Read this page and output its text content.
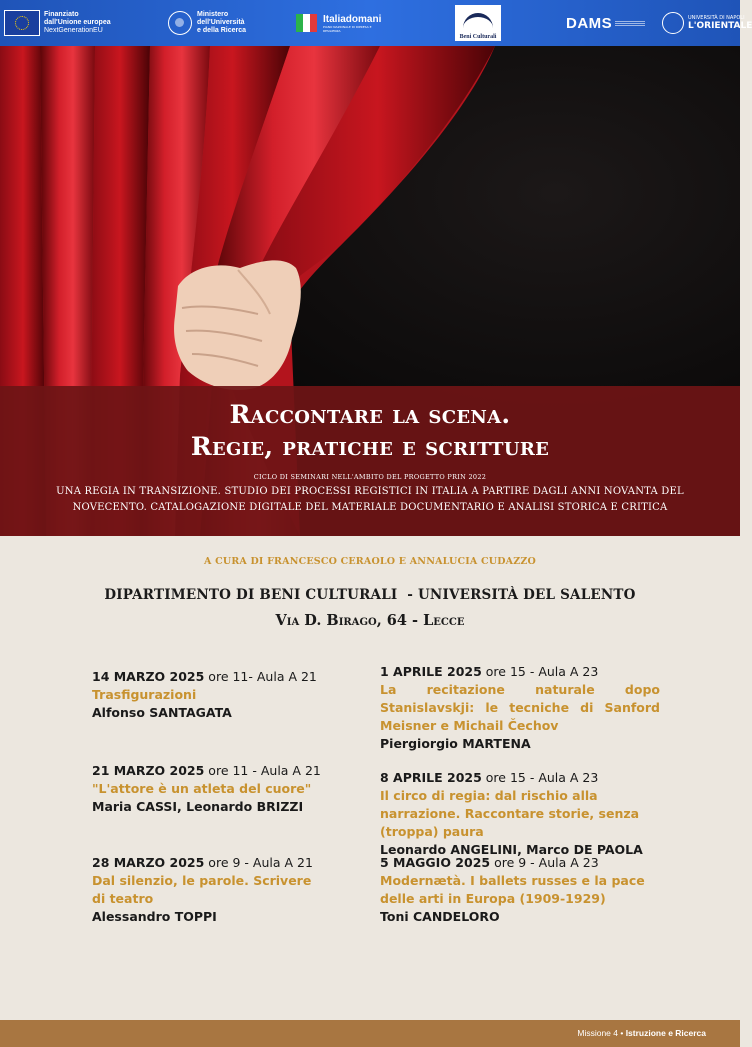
Finanziato
dall'Unione europea
NextGenerationEU
Ministero
dell'Università
e della Ricerca
Italiadomani
PIANO NAZIONALE DI RIPRESA E RESILIENZA
Beni Culturali
DAMS	UNIVERSITÀ DI NAPOLI
L'ORIENTALE
Raccontare la scena.
Regie, pratiche e scritture
CICLO DI SEMINARI NELL'AMBITO DEL PROGETTO PRIN 2022
UNA REGIA IN TRANSIZIONE. STUDIO DEI PROCESSI REGISTICI IN ITALIA A PARTIRE DAGLI ANNI NOVANTA DEL NOVECENTO. CATALOGAZIONE DIGITALE DEL MATERIALE DOCUMENTARIO E ANALISI STORICA E CRITICA
A CURA DI FRANCESCO CERAOLO E ANNALUCIA CUDAZZO
DIPARTIMENTO DI BENI CULTURALI  - UNIVERSITÀ DEL SALENTO
Via D. Birago, 64 - Lecce
14 MARZO 2025 ore 11- Aula A 21
Trasfigurazioni
Alfonso SANTAGATA
21 MARZO 2025 ore 11 - Aula A 21
"L'attore è un atleta del cuore"
Maria CASSI, Leonardo BRIZZI
28 MARZO 2025 ore 9 - Aula A 21
Dal silenzio, le parole. Scrivere di teatro
Alessandro TOPPI
1 APRILE 2025 ore 15 - Aula A 23
La recitazione naturale dopo Stanislavskji: le tecniche di Sanford Meisner e Michail Čechov
Piergiorgio MARTENA
8 APRILE 2025 ore 15 - Aula A 23
Il circo di regia: dal rischio alla narrazione. Raccontare storie, senza (troppa) paura
Leonardo ANGELINI, Marco DE PAOLA
5 MAGGIO 2025 ore 9 - Aula A 23
Modernætà. I ballets russes e la pace delle arti in Europa (1909-1929)
Toni CANDELORO
Missione 4 • Istruzione e Ricerca
